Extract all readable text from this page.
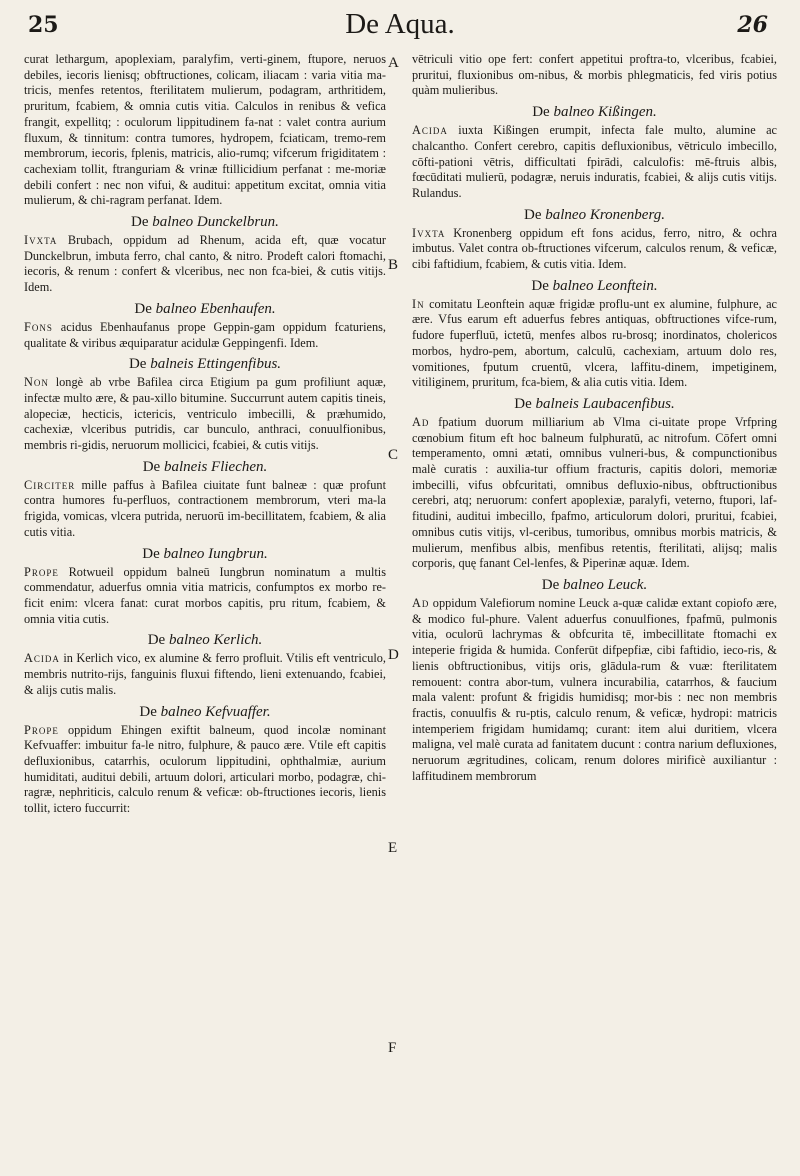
25	De Aqua.	26
A
B
C
D
E
F

curat lethargum, apoplexiam, paralyfim, verti-ginem, ftupore, neruos debiles, iecoris lienisq; obftructiones, colicam, iliacam : varia vitia ma-tricis, menfes retentos, fterilitatem mulierum, podagram, arthritidem, pruritum, fcabiem, & omnia cutis vitia. Calculos in renibus & vefica frangit, expellitq; : oculorum lippitudinem fa-nat : valet contra aurium fluxum, & tinnitum: contra tumores, hydropem, fciaticam, tremo-rem membrorum, iecoris, fplenis, matricis, alio-rumq; vifcerum frigiditatem : cachexiam tollit, ftranguriam & vrinæ ftillicidium perfanat : me-moriæ debili confert : nec non vifui, & auditui: appetitum excitat, omnia vitia mulierum, & chi-ragram perfanat. Idem.

De balneo Dunckelbrun.

Ivxta Brubach, oppidum ad Rhenum, acida eft, quæ vocatur Dunckelbrun, imbuta ferro, chal canto, & nitro. Prodeft calori ftomachi, iecoris, & renum : confert & vlceribus, nec non fca-biei, & cutis vitijs. Idem.

De balneo Ebenhaufen.

Fons acidus Ebenhaufanus prope Geppin-gam oppidum fcaturiens, qualitate & viribus æquiparatur acidulæ Geppingenfi. Idem.

De balneis Ettingenfibus.

Non longè ab vrbe Bafilea circa Etigium pa gum profiliunt aquæ, infectæ multo ære, & pau-xillo bitumine. Succurrunt autem capitis tineis, alopeciæ, hecticis, ictericis, ventriculo imbecilli, & præhumido, cachexiæ, vlceribus putridis, car bunculo, anthraci, conuulfionibus, membris ri-gidis, neruorum mollicici, fcabiei, & cutis vitijs.

De balneis Fliechen.

Circiter mille paffus à Bafilea ciuitate funt balneæ : quæ profunt contra humores fu-perfluos, contractionem membrorum, vteri ma-la frigida, vomicas, vlcera putrida, neruorū im-becillitatem, fcabiem, & alia cutis vitia.

De balneo Iungbrun.

Prope Rotwueil oppidum balneū Iungbrun nominatum a multis commendatur, aduerfus omnia vitia matricis, confumptos ex morbo re-ficit enim: vlcera fanat: curat morbos capitis, pru ritum, fcabiem, & omnia vitia cutis.

De balneo Kerlich.

Acida in Kerlich vico, ex alumine & ferro profluit. Vtilis eft ventriculo, membris nutrito-rijs, fanguinis fluxui fiftendo, lieni extenuando, fcabiei, & alijs cutis malis.

De balneo Kefvuaffer.

Prope oppidum Ehingen exiftit balneum, quod incolæ nominant Kefvuaffer: imbuitur fa-le nitro, fulphure, & pauco ære. Vtile eft capitis defluxionibus, catarrhis, oculorum lippitudini, ophthalmiæ, aurium humiditati, auditui debili, artuum dolori, articulari morbo, podagræ, chi-ragræ, nephriticis, calculo renum & veficæ: ob-ftructiones iecoris, lienis tollit, ictero fuccurrit:

vētriculi vitio ope fert: confert appetitui proftra-to, vlceribus, fcabiei, pruritui, fluxionibus om-nibus, & morbis phlegmaticis, fed viris potius quàm mulieribus.

De balneo Kißingen.

Acida iuxta Kißingen erumpit, infecta fale multo, alumine ac chalcantho. Confert cerebro, capitis defluxionibus, vētriculo imbecillo, cōfti-pationi vētris, difficultati fpirādi, calculofis: mē-ftruis albis, fœcūditati mulierū, podagræ, neruis induratis, fcabiei, & alijs cutis vitijs. Rulandus.

De balneo Kronenberg.

Ivxta Kronenberg oppidum eft fons acidus, ferro, nitro, & ochra imbutus. Valet contra ob-ftructiones vifcerum, calculos renum, & veficæ, cibi faftidium, fcabiem, & cutis vitia. Idem.

De balneo Leonftein.

In comitatu Leonftein aquæ frigidæ proflu-unt ex alumine, fulphure, ac ære. Vfus earum eft aduerfus febres antiquas, obftructiones vifce-rum, fudore fuperfluū, ictetū, menfes albos ru-brosq; inordinatos, cholericos morbos, hydro-pem, abortum, calculū, cachexiam, artuum dolo res, vomitiones, fputum cruentū, vlcera, laffitu-dinem, impetiginem, vitiliginem, pruritum, fca-biem, & alia cutis vitia. Idem.

De balneis Laubacenfibus.

Ad fpatium duorum milliarium ab Vlma ci-uitate prope Vrfpring cœnobium fitum eft hoc balneum fulphuratū, ac nitrofum. Cōfert omni temperamento, omni ætati, omnibus vulneri-bus, & compunctionibus malè curatis : auxilia-tur offium fracturis, capitis dolori, memoriæ imbecilli, vifus obfcuritati, omnibus defluxio-nibus, obftructionibus cerebri, atq; neruorum: confert apoplexiæ, paralyfi, veterno, ftupori, laf-fitudini, auditui imbecillo, fpafmo, articulorum dolori, pruritui, fcabiei, omnibus cutis vitijs, vl-ceribus, tumoribus, omnibus morbis matricis, & mulierum, menfibus albis, menfibus retentis, fterilitati, alijsq; malis corporis, quę fanant Cel-lenfes, & Piperinæ aquæ. Idem.

De balneo Leuck.

Ad oppidum Valefiorum nomine Leuck a-quæ calidæ extant copiofo ære, & modico ful-phure. Valent aduerfus conuulfiones, fpafmū, pulmonis vitia, oculorū lachrymas & obfcurita tē, imbecillitate ftomachi ex inteperie frigida & humida. Conferūt difpepfiæ, cibi faftidio, ieco-ris, & lienis obftructionibus, vitijs oris, glādula-rum & vuæ: fterilitatem remouent: contra abor-tum, vulnera incurabilia, catarrhos, & faucium mala valent: profunt & frigidis humidisq; mor-bis : nec non membris fractis, conuulfis & ru-ptis, calculo renum, & veficæ, hydropi: matricis intemperiem frigidam humidamq; curant: item alui duritiem, vlcera maligna, vel malè curata ad fanitatem ducunt : contra narium defluxiones, neruorum ægritudines, colicam, renum dolores mirificè auxiliantur : laffitudinem membrorum
